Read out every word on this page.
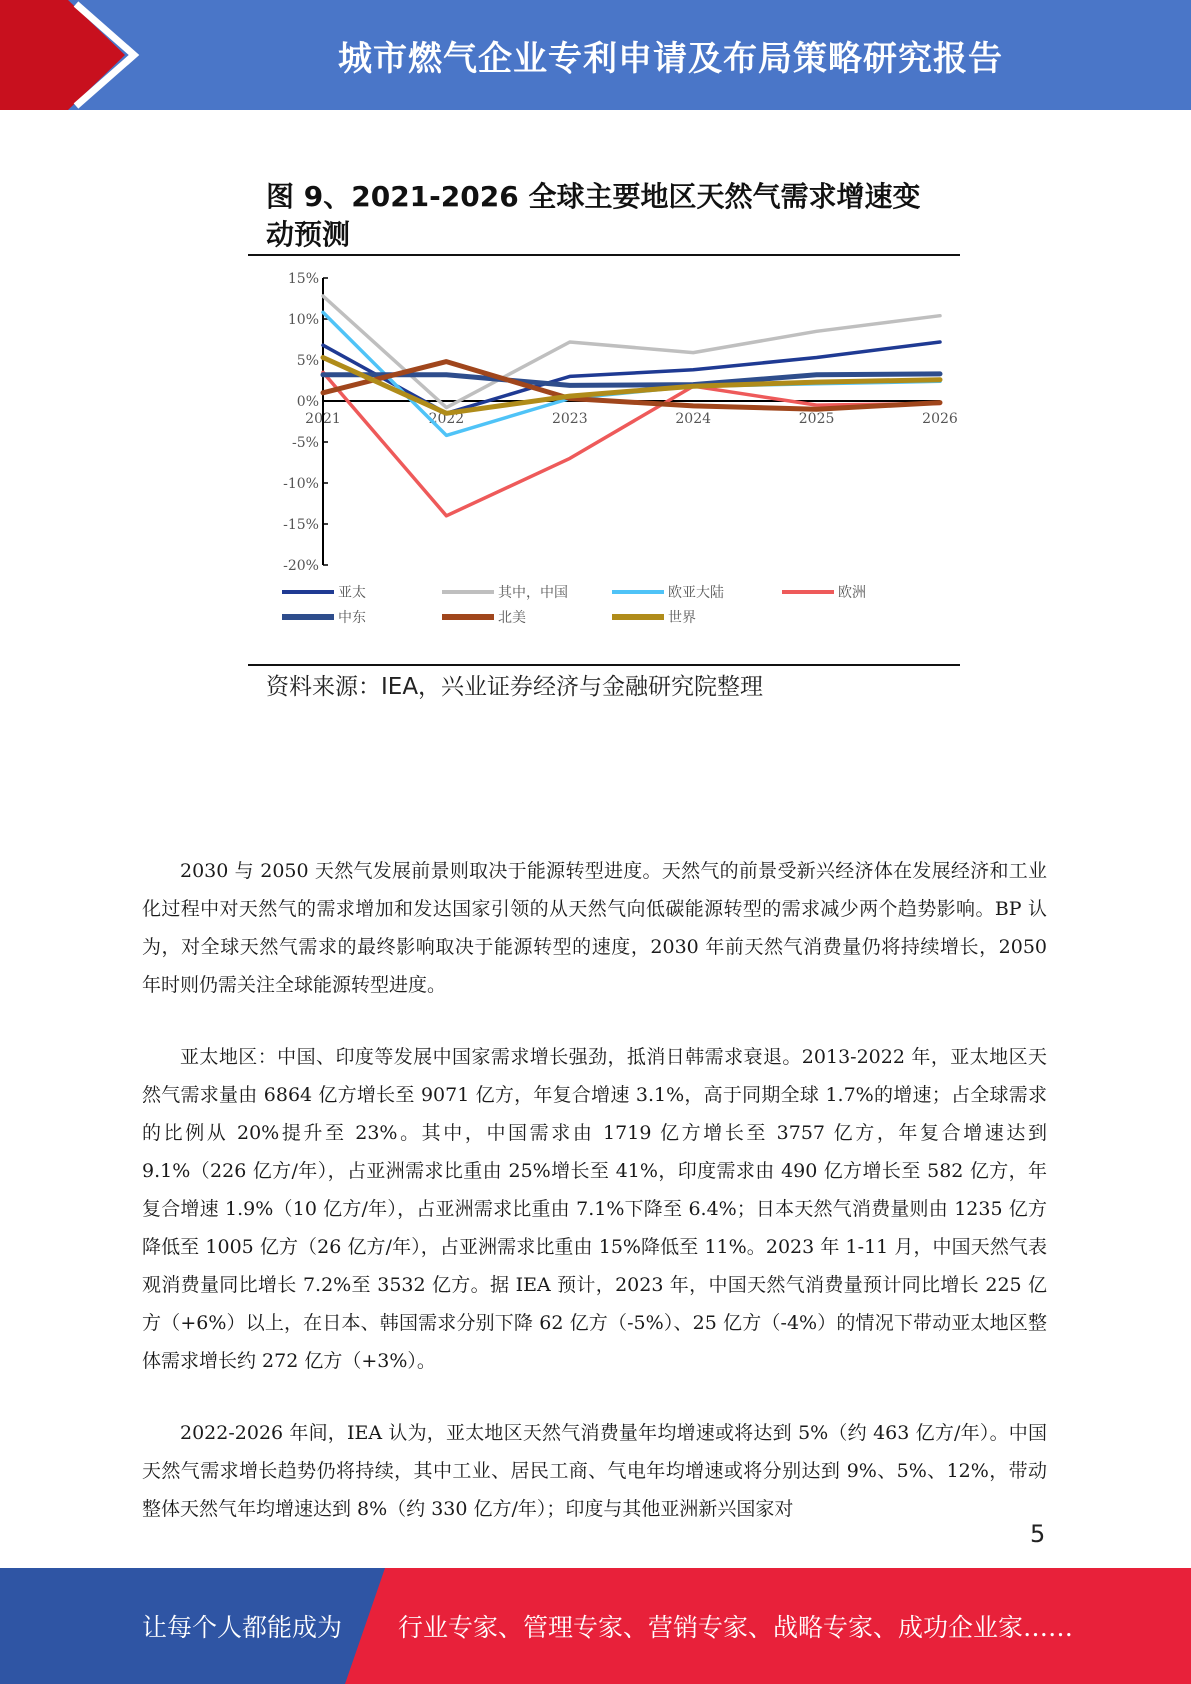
城市燃气企业专利申请及布局策略研究报告
图 9、2021-2026 全球主要地区天然气需求增速变动预测
15%
10%
5%
0%
-5%
-10%
-15%
-20%
2021	2022	2023	2024	2025	2026
亚太	其中，中国	欧亚大陆	欧洲
中东	北美	世界
资料来源：IEA，兴业证券经济与金融研究院整理

2030 与 2050 天然气发展前景则取决于能源转型进度。天然气的前景受新兴经济体在发展经济和工业化过程中对天然气的需求增加和发达国家引领的从天然气向低碳能源转型的需求减少两个趋势影响。BP 认为，对全球天然气需求的最终影响取决于能源转型的速度，2030 年前天然气消费量仍将持续增长，2050 年时则仍需关注全球能源转型进度。

亚太地区：中国、印度等发展中国家需求增长强劲，抵消日韩需求衰退。2013-2022 年，亚太地区天然气需求量由 6864 亿方增长至 9071 亿方，年复合增速 3.1%，高于同期全球 1.7%的增速；占全球需求的比例从 20%提升至 23%。其中，中国需求由 1719 亿方增长至 3757 亿方，年复合增速达到 9.1%（226 亿方/年），占亚洲需求比重由 25%增长至 41%，印度需求由 490 亿方增长至 582 亿方，年复合增速 1.9%（10 亿方/年），占亚洲需求比重由 7.1%下降至 6.4%；日本天然气消费量则由 1235 亿方降低至 1005 亿方（26 亿方/年），占亚洲需求比重由 15%降低至 11%。2023 年 1-11 月，中国天然气表观消费量同比增长 7.2%至 3532 亿方。据 IEA 预计，2023 年，中国天然气消费量预计同比增长 225 亿方（+6%）以上，在日本、韩国需求分别下降 62 亿方（-5%）、25 亿方（-4%）的情况下带动亚太地区整体需求增长约 272 亿方（+3%）。

2022-2026 年间，IEA 认为，亚太地区天然气消费量年均增速或将达到 5%（约 463 亿方/年）。中国天然气需求增长趋势仍将持续，其中工业、居民工商、气电年均增速或将分别达到 9%、5%、12%，带动整体天然气年均增速达到 8%（约 330 亿方/年）；印度与其他亚洲新兴国家对

5
让每个人都能成为 行业专家、管理专家、营销专家、战略专家、成功企业家……
